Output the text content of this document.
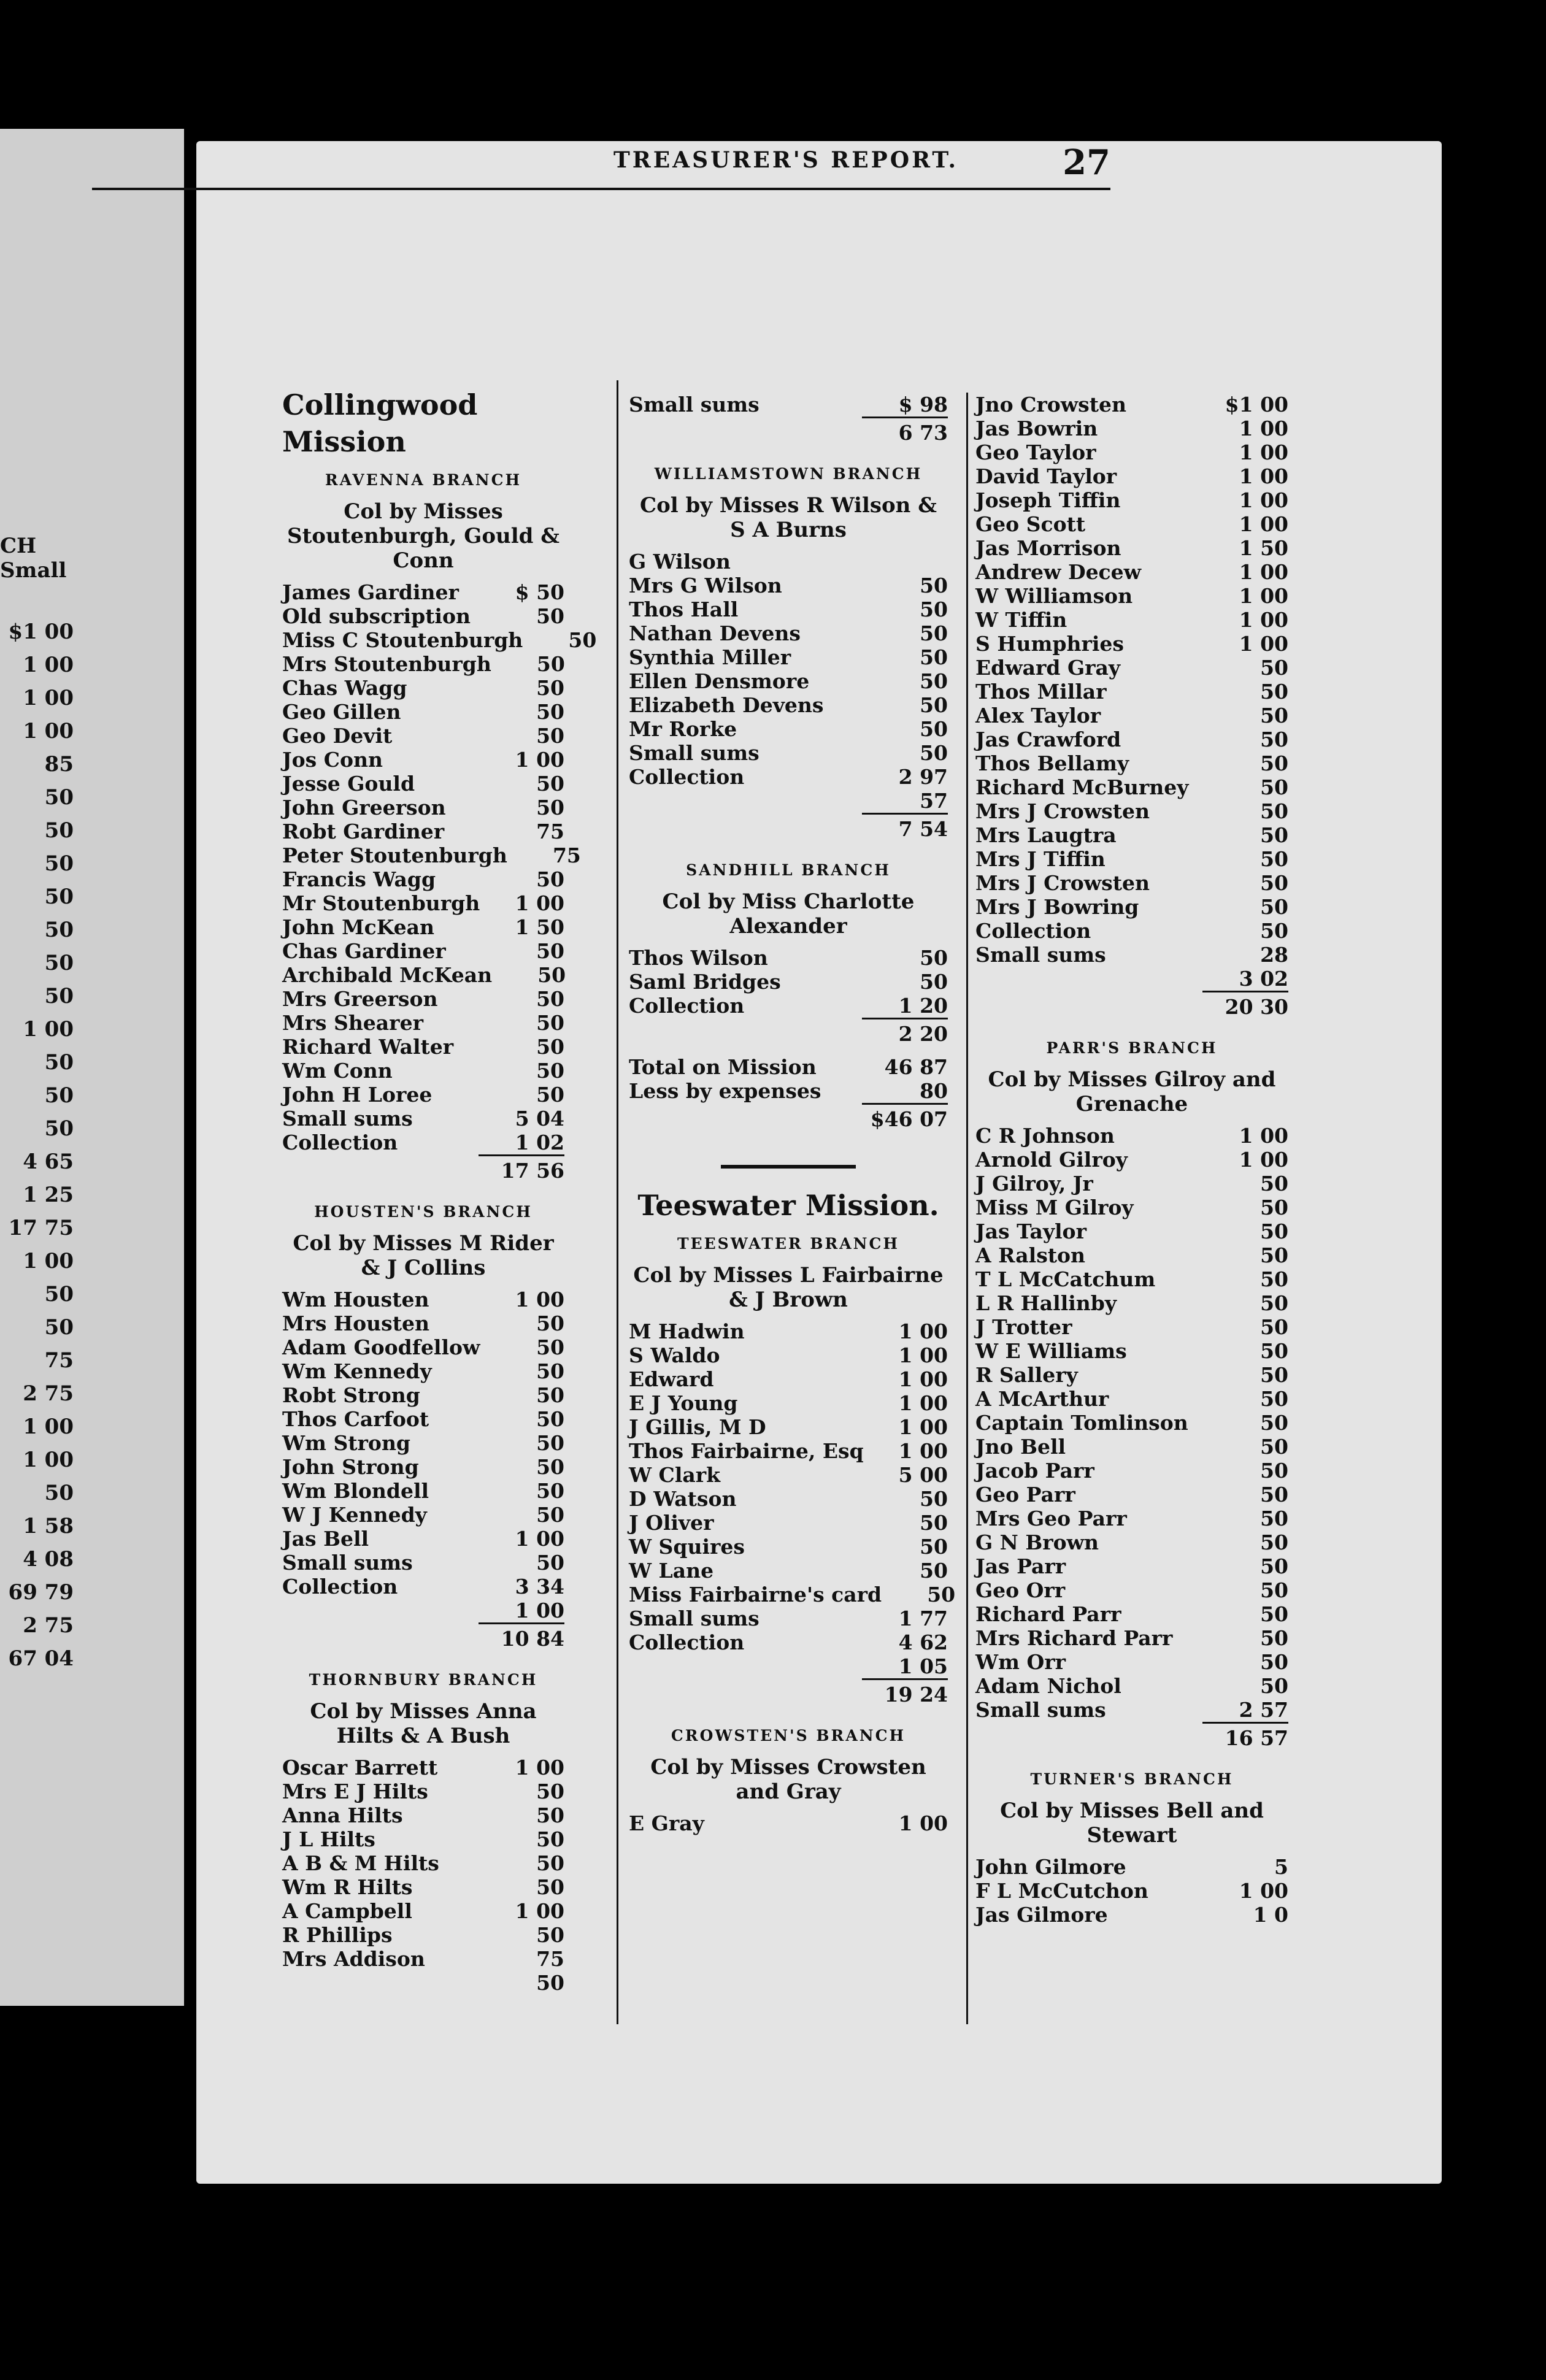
CH
Small
$1 00
1 00
1 00
1 00
85
50
50
50
50
50
50
50
1 00
50
50
50
4 65
1 25
17 75
1 00
50
50
75
2 75
1 00
1 00
50
1 58
4 08
69 79
2 75
67 04
TREASURER'S REPORT.	27
Collingwood Mission
RAVENNA BRANCH
Col by Misses Stoutenburgh, Gould & Conn
James Gardiner	$ 50
Old subscription	50
Miss C Stoutenburgh	50
Mrs Stoutenburgh	50
Chas Wagg	50
Geo Gillen	50
Geo Devit	50
Jos Conn	1 00
Jesse Gould	50
John Greerson	50
Robt Gardiner	75
Peter Stoutenburgh	75
Francis Wagg	50
Mr Stoutenburgh	1 00
John McKean	1 50
Chas Gardiner	50
Archibald McKean	50
Mrs Greerson	50
Mrs Shearer	50
Richard Walter	50
Wm Conn	50
John H Loree	50
Small sums	5 04
Collection	1 02
17 56
HOUSTEN'S BRANCH
Col by Misses M Rider & J Collins
Wm Housten	1 00
Mrs Housten	50
Adam Goodfellow	50
Wm Kennedy	50
Robt Strong	50
Thos Carfoot	50
Wm Strong	50
John Strong	50
Wm Blondell	50
W J Kennedy	50
Jas Bell	1 00
Small sums	50
Collection	3 34
1 00
10 84
THORNBURY BRANCH
Col by Misses Anna Hilts & A Bush
Oscar Barrett	1 00
Mrs E J Hilts	50
Anna Hilts	50
J L Hilts	50
A B & M Hilts	50
Wm R Hilts	50
A Campbell	1 00
R Phillips	50
Mrs Addison	75
50
Small sums	$ 98
6 73
WILLIAMSTOWN BRANCH
Col by Misses R Wilson & S A Burns
G Wilson
Mrs G Wilson	50
Thos Hall	50
Nathan Devens	50
Synthia Miller	50
Ellen Densmore	50
Elizabeth Devens	50
Mr Rorke	50
Small sums	50
Collection	2 97
57
7 54
SANDHILL BRANCH
Col by Miss Charlotte Alexander
Thos Wilson	50
Saml Bridges	50
Collection	1 20
2 20
Total on Mission	46 87
Less by expenses	80
$46 07
Teeswater Mission.
TEESWATER BRANCH
Col by Misses L Fairbairne & J Brown
M Hadwin	1 00
S Waldo	1 00
Edward	1 00
E J Young	1 00
J Gillis, M D	1 00
Thos Fairbairne, Esq	1 00
W Clark	5 00
D Watson	50
J Oliver	50
W Squires	50
W Lane	50
Miss Fairbairne's card	50
Small sums	1 77
Collection	4 62
1 05
19 24
CROWSTEN'S BRANCH
Col by Misses Crowsten and Gray
E Gray	1 00
Jno Crowsten	$1 00
Jas Bowrin	1 00
Geo Taylor	1 00
David Taylor	1 00
Joseph Tiffin	1 00
Geo Scott	1 00
Jas Morrison	1 50
Andrew Decew	1 00
W Williamson	1 00
W Tiffin	1 00
S Humphries	1 00
Edward Gray	50
Thos Millar	50
Alex Taylor	50
Jas Crawford	50
Thos Bellamy	50
Richard McBurney	50
Mrs J Crowsten	50
Mrs Laugtra	50
Mrs J Tiffin	50
Mrs J Crowsten	50
Mrs J Bowring	50
Collection	50
Small sums	28
3 02
20 30
PARR'S BRANCH
Col by Misses Gilroy and Grenache
C R Johnson	1 00
Arnold Gilroy	1 00
J Gilroy, Jr	50
Miss M Gilroy	50
Jas Taylor	50
A Ralston	50
T L McCatchum	50
L R Hallinby	50
J Trotter	50
W E Williams	50
R Sallery	50
A McArthur	50
Captain Tomlinson	50
Jno Bell	50
Jacob Parr	50
Geo Parr	50
Mrs Geo Parr	50
G N Brown	50
Jas Parr	50
Geo Orr	50
Richard Parr	50
Mrs Richard Parr	50
Wm Orr	50
Adam Nichol	50
Small sums	2 57
16 57
TURNER'S BRANCH
Col by Misses Bell and Stewart
John Gilmore	5
F L McCutchon	1 00
Jas Gilmore	1 0
